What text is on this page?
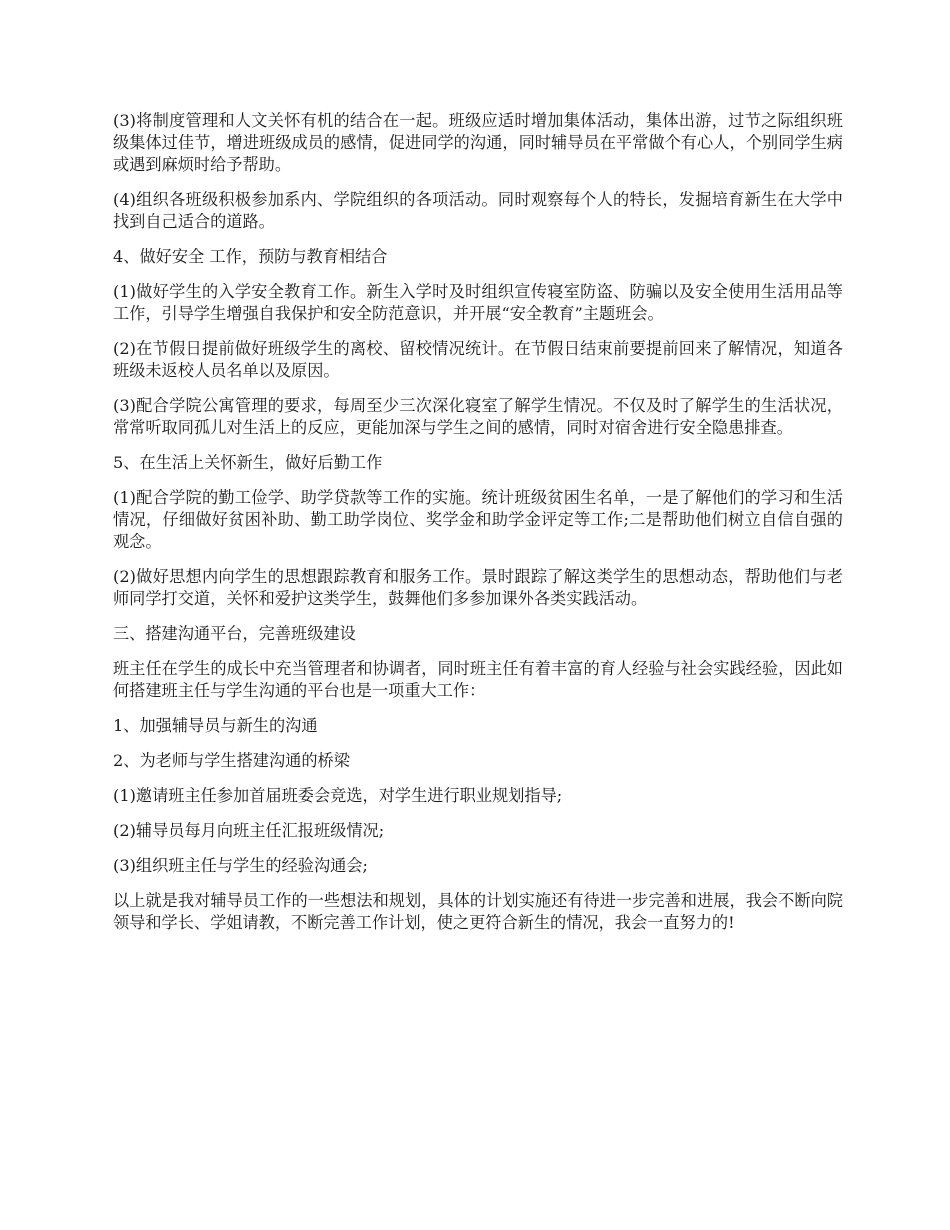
(3)将制度管理和人文关怀有机的结合在一起。班级应适时增加集体活动，集体出游，过节之际组织班级集体过佳节，增进班级成员的感情，促进同学的沟通，同时辅导员在平常做个有心人，个别同学生病或遇到麻烦时给予帮助。

(4)组织各班级积极参加系内、学院组织的各项活动。同时观察每个人的特长，发掘培育新生在大学中找到自己适合的道路。

4、做好安全 工作，预防与教育相结合

(1)做好学生的入学安全教育工作。新生入学时及时组织宣传寝室防盗、防骗以及安全使用生活用品等工作，引导学生增强自我保护和安全防范意识，并开展“安全教育”主题班会。

(2)在节假日提前做好班级学生的离校、留校情况统计。在节假日结束前要提前回来了解情况，知道各班级未返校人员名单以及原因。

(3)配合学院公寓管理的要求，每周至少三次深化寝室了解学生情况。不仅及时了解学生的生活状况，常常听取同孤儿对生活上的反应，更能加深与学生之间的感情，同时对宿舍进行安全隐患排查。

5、在生活上关怀新生，做好后勤工作

(1)配合学院的勤工俭学、助学贷款等工作的实施。统计班级贫困生名单，一是了解他们的学习和生活情况，仔细做好贫困补助、勤工助学岗位、奖学金和助学金评定等工作;二是帮助他们树立自信自强的观念。

(2)做好思想内向学生的思想跟踪教育和服务工作。景时跟踪了解这类学生的思想动态，帮助他们与老师同学打交道，关怀和爱护这类学生，鼓舞他们多参加课外各类实践活动。

三、搭建沟通平台，完善班级建设

班主任在学生的成长中充当管理者和协调者，同时班主任有着丰富的育人经验与社会实践经验，因此如何搭建班主任与学生沟通的平台也是一项重大工作：

1、加强辅导员与新生的沟通

2、为老师与学生搭建沟通的桥梁

(1)邀请班主任参加首届班委会竞选，对学生进行职业规划指导;

(2)辅导员每月向班主任汇报班级情况;

(3)组织班主任与学生的经验沟通会;

以上就是我对辅导员工作的一些想法和规划，具体的计划实施还有待进一步完善和进展，我会不断向院领导和学长、学姐请教，不断完善工作计划，使之更符合新生的情况，我会一直努力的!
